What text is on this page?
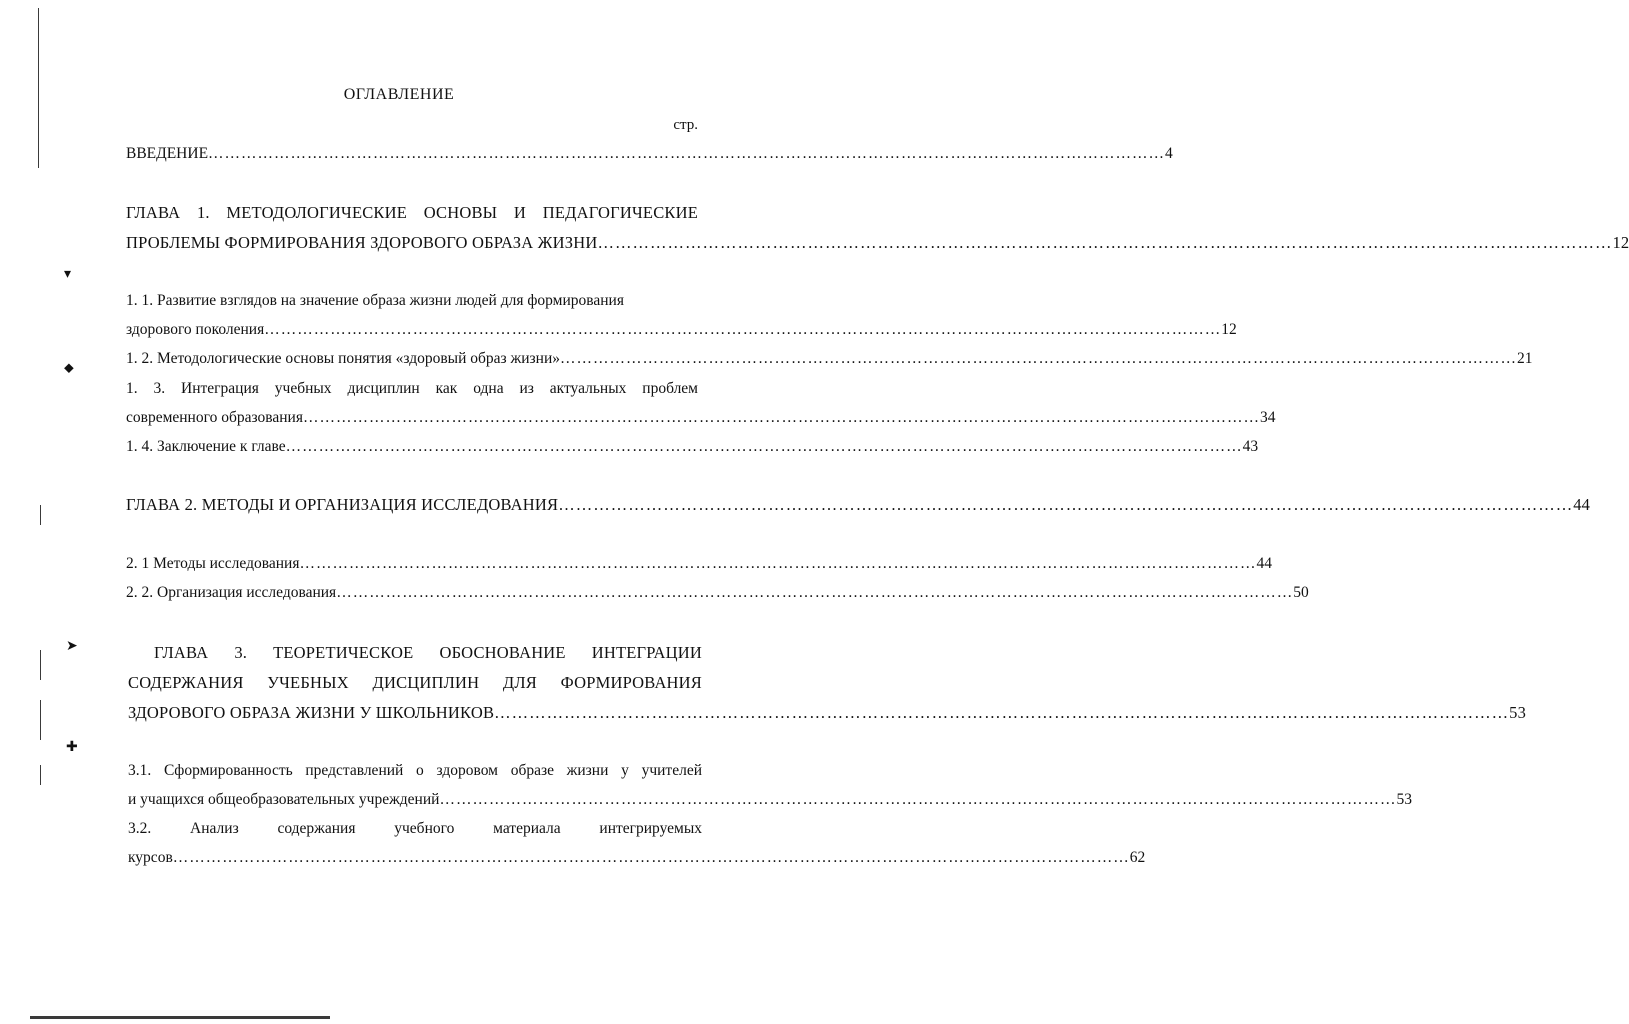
▾
⬥
➤
✚
ОГЛАВЛЕНИЕ
стр.
ВВЕДЕНИЕ ………………………………………………………………………………………………………………………………………………………… 4
ГЛАВА 1. МЕТОДОЛОГИЧЕСКИЕ ОСНОВЫ И ПЕДАГОГИЧЕСКИЕ
ПРОБЛЕМЫ ФОРМИРОВАНИЯ ЗДОРОВОГО ОБРАЗА ЖИЗНИ ………………………………………………………………………………………………………………………………………………………… 12
1. 1. Развитие взглядов на значение образа жизни людей для формирования
здорового поколения ………………………………………………………………………………………………………………………………………………………… 12
1. 2. Методологические основы понятия «здоровый образ жизни» ………………………………………………………………………………………………………………………………………………………… 21
1. 3. Интеграция учебных дисциплин как одна из актуальных проблем
современного образования ………………………………………………………………………………………………………………………………………………………… 34
1. 4. Заключение к главе ………………………………………………………………………………………………………………………………………………………… 43
ГЛАВА 2. МЕТОДЫ И ОРГАНИЗАЦИЯ ИССЛЕДОВАНИЯ ………………………………………………………………………………………………………………………………………………………… 44
2. 1 Методы исследования ………………………………………………………………………………………………………………………………………………………… 44
2. 2. Организация исследования ………………………………………………………………………………………………………………………………………………………… 50
ГЛАВА 3. ТЕОРЕТИЧЕСКОЕ ОБОСНОВАНИЕ ИНТЕГРАЦИИ
СОДЕРЖАНИЯ УЧЕБНЫХ ДИСЦИПЛИН ДЛЯ ФОРМИРОВАНИЯ
ЗДОРОВОГО ОБРАЗА ЖИЗНИ У ШКОЛЬНИКОВ ………………………………………………………………………………………………………………………………………………………… 53
3.1. Сформированность представлений о здоровом образе жизни у учителей
и учащихся общеобразовательных учреждений ………………………………………………………………………………………………………………………………………………………… 53
3.2. Анализ содержания учебного материала интегрируемых
курсов ………………………………………………………………………………………………………………………………………………………… 62
